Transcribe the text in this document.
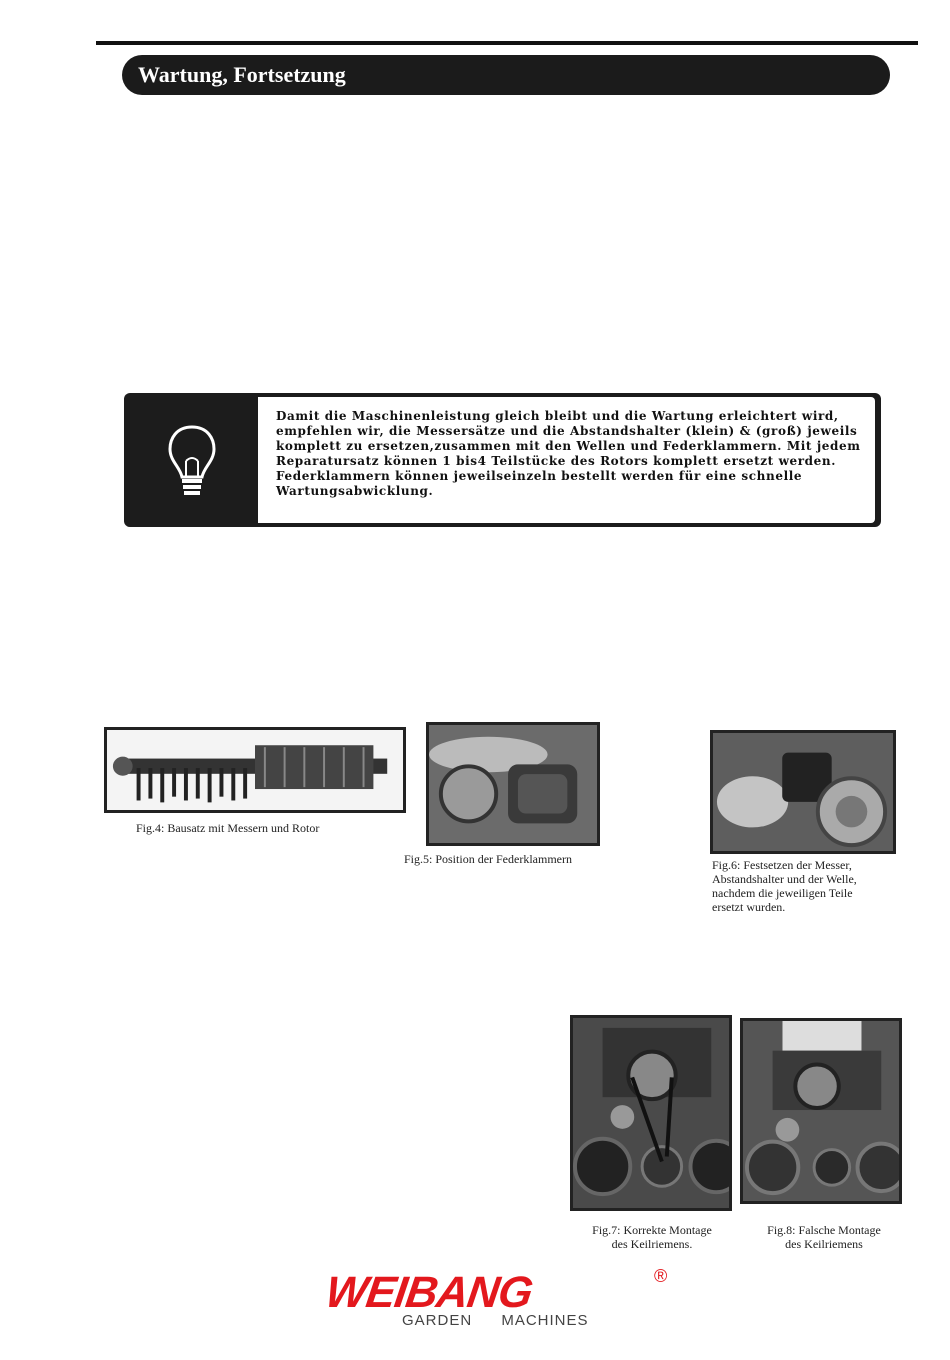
Wartung, Fortsetzung

Damit die Maschinenleistung gleich bleibt und die Wartung erleichtert wird,

empfehlen wir, die Messersätze und die Abstandshalter (klein) & (groß) jeweils

komplett zu ersetzen,zusammen mit den Wellen und Federklammern. Mit jedem

Reparatursatz können 1 bis4 Teilstücke des Rotors komplett ersetzt werden.

Federklammern können jeweilseinzeln bestellt werden für eine schnelle

Wartungsabwicklung.

Fig.4: Bausatz mit Messern und Rotor
Fig.5: Position der Federklammern	Fig.6: Festsetzen der Messer,
Abstandshalter und der Welle,
nachdem die jeweiligen Teile
ersetzt wurden.
Fig.7: Korrekte Montage
des Keilriemens.
Fig.8: Falsche Montage
des Keilriemens
WEIBANG	®
GARDEN MACHINES
